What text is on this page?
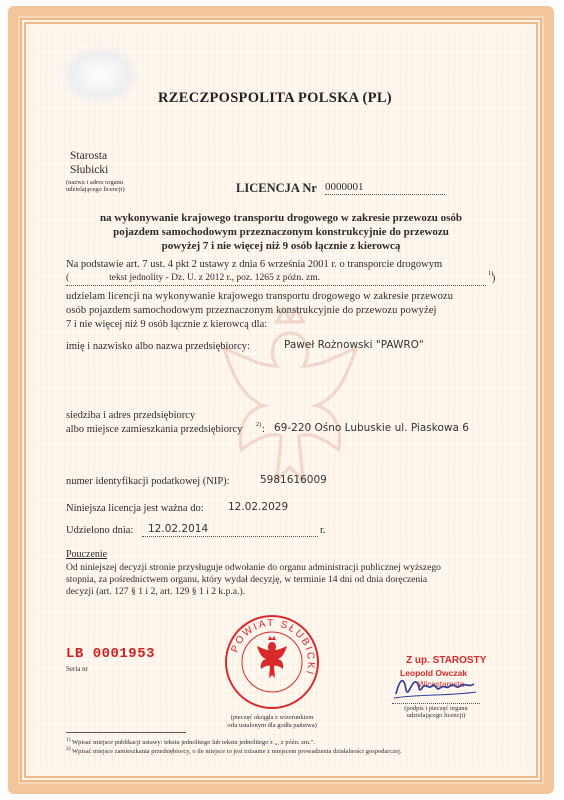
RZECZPOSPOLITA POLSKA (PL)
Starosta
Słubicki
(nazwa i adres organu
udzielającego licencji)	LICENCJA Nr 0000001
na wykonywanie krajowego transportu drogowego w zakresie przewozu osób
pojazdem samochodowym przeznaczonym konstrukcyjnie do przewozu
powyżej 7 i nie więcej niż 9 osób łącznie z kierowcą
Na podstawie art. 7 ust. 4 pkt 2 ustawy z dnia 6 września 2001 r. o transporcie drogowym
(	tekst jednolity - Dz. U. z 2012 r., poz. 1265 z późn. zm.	1)
)
udzielam licencji na wykonywanie krajowego transportu drogowego w zakresie przewozu
osób pojazdem samochodowym przeznaczonym konstrukcyjnie do przewozu powyżej
7 i nie więcej niż 9 osób łącznie z kierowcą dla:
imię i nazwisko albo nazwa przedsiębiorcy:	Paweł Rożnowski "PAWRO"
siedziba i adres przedsiębiorcy
albo miejsce zamieszkania przedsiębiorcy 2) : 69-220 Ośno Lubuskie ul. Piaskowa 6
numer identyfikacji podatkowej (NIP):	5981616009
Niniejsza licencja jest ważna do: 12.02.2029
Udzielono dnia:	12.02.2014	r.
Pouczenie
Od niniejszej decyzji stronie przysługuje odwołanie do organu administracji publicznej wyższego
stopnia, za pośrednictwem organu, który wydał decyzję, w terminie 14 dni od dnia doręczenia
decyzji (art. 127 § 1 i 2, art. 129 § 1 i 2 k.p.a.).
LB 0001953
Seria nr
POWIAT SŁUBICKI
(pieczęć okrągła z wizerunkiem
orła ustalonym dla godła państwa)
Z up. STAROSTY
Leopold Owczak
Wicestarosta
(podpis i pieczęć organu
udzielającego licencji)
$^{1)}$ Wpisać miejsce publikacji ustawy: tekstu jednolitego lub tekstu jednolitego z „, z późn. zm.".
$^{2)}$ Wpisać miejsce zamieszkania przedsiębiorcy, o ile miejsce to jest tożsame z miejscem prowadzenia działalności gospodarczej.
